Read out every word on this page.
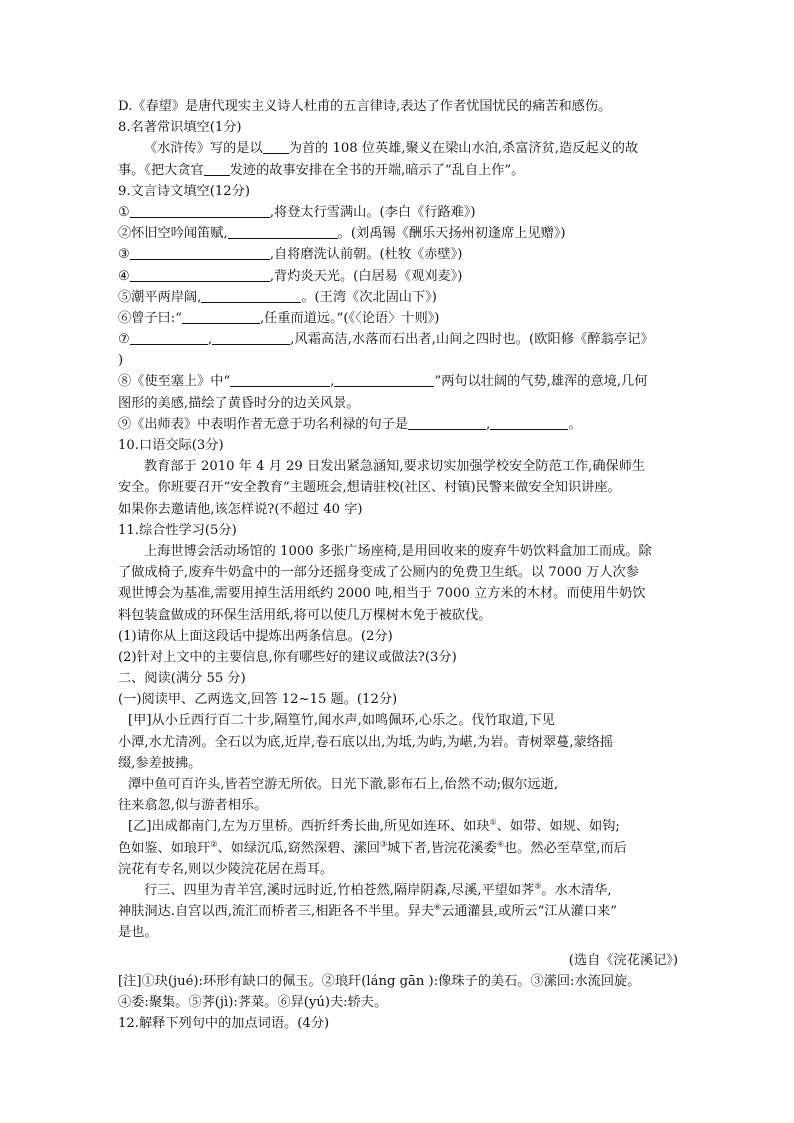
D.《春望》是唐代现实主义诗人杜甫的五言律诗,表达了作者忧国忧民的痛苦和感伤。
8.名著常识填空(1分)
《水浒传》写的是以 为首的 108 位英雄,聚义在梁山水泊,杀富济贫,造反起义的故
事。《把大贪官 发迹的故事安排在全书的开端,暗示了“乱自上作”。
9.文言诗文填空(12分)
①	,将登太行雪满山。(李白《行路难》)
②怀旧空吟闻笛赋,	。(刘禹锡《酬乐天扬州初逢席上见赠》)
③	,自将磨洗认前朝。(杜牧《赤壁》)
④	,背灼炎天光。(白居易《观刈麦》)
⑤潮平两岸阔,	。(王湾《次北固山下》)
⑥曾子曰:“	,任重而道远。”(《〈论语〉十则》)
⑦	,	,风霜高洁,水落而石出者,山间之四时也。(欧阳修《醉翁亭记》
)
⑧《使至塞上》中“	,	”两句以壮阔的气势,雄浑的意境,几何
图形的美感,描绘了黄昏时分的边关风景。
⑨《出师表》中表明作者无意于功名利禄的句子是	,	。
10.口语交际(3分)
教育部于 2010 年 4 月 29 日发出紧急涵知,要求切实加强学校安全防范工作,确保师生
安全。你班要召开“安全教育”主题班会,想请驻校(社区、村镇)民警来做安全知识讲座。
如果你去邀请他,该怎样说?(不超过 40 字)
11.综合性学习(5分)
上海世博会活动场馆的 1000 多张广场座椅,是用回收来的废弃牛奶饮料盒加工而成。除
了做成椅子,废弃牛奶盒中的一部分还摇身变成了公厕内的免费卫生纸。以 7000 万人次参
观世博会为基准,需要用掉生活用纸约 2000 吨,相当于 7000 立方米的木材。而使用牛奶饮
料包装盒做成的环保生活用纸,将可以使几万棵树木免于被砍伐。
(1)请你从上面这段话中提炼出两条信息。(2分)
(2)针对上文中的主要信息,你有哪些好的建议或做法?(3分)
二、阅读(满分 55 分)
(一)阅读甲、乙两选文,回答 12~15 题。(12分)
[甲]从小丘西行百二十步,隔篁竹,闻水声,如鸣佩环,心乐之。伐竹取道,下见
小潭,水尤清冽。全石以为底,近岸,卷石底以出,为坻,为屿,为嵁,为岩。青树翠蔓,蒙络摇
缀,参差披拂。
潭中鱼可百许头,皆若空游无所依。日光下澈,影布石上,佁然不动;俶尔远逝,
往来翕忽,似与游者相乐。
[乙]出成都南门,左为万里桥。西折纤秀长曲,所见如连环、如玦①、如带、如规、如钩;
色如鉴、如琅玕②、如绿沉瓜,窈然深碧、潆回③城下者,皆浣花溪委④也。然必至草堂,而后
浣花有专名,则以少陵浣花居在焉耳。
行三、四里为青羊宫,溪时远时近,竹柏苍然,隔岸阴森,尽溪,平望如荠⑤。水木清华,
神肤洞达.自宫以西,流汇而桥者三,相距各不半里。舁夫⑥云通灌县,或所云“江从灌口来”
是也。
(选自《浣花溪记》)
[注]①玦(jué):环形有缺口的佩玉。②琅玕(láng gān ):像珠子的美石。③潆回:水流回旋。
④委:聚集。⑤荠(jì):荠菜。⑥舁(yú)夫:轿夫。
12.解释下列句中的加点词语。(4分)
